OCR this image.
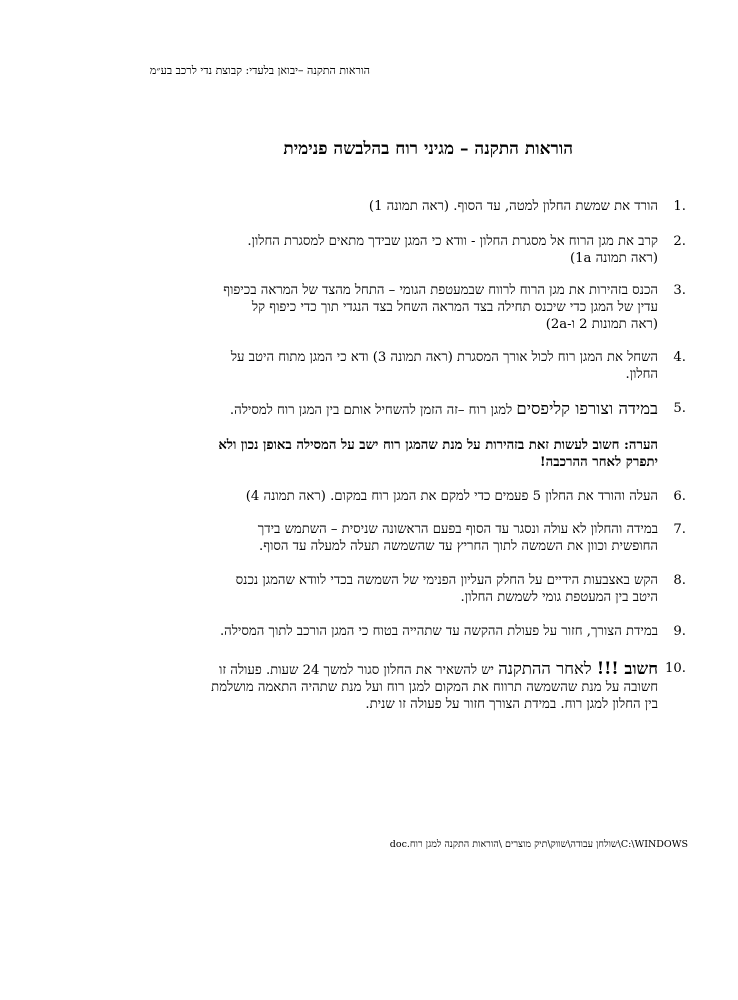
הוראות התקנה –יבואן בלעדי: קבוצת נדי לרכב בע״מ
הוראות התקנה – מגיני רוח בהלבשה פנימית
1.
הורד את שמשת החלון למטה, עד הסוף. (ראה תמונה 1)
2.
קרב את מגן הרוח אל מסגרת החלון - וודא כי המגן שבידך מתאים למסגרת החלון.
(ראה תמונה 1a)
3.
הכנס בזהירות את מגן הרוח לרווח שבמעטפת הגומי – התחל מהצד של המראה בכיפוף
עדין של המגן כדי שיכנס תחילה בצד המראה השחל בצד הנגדי תוך כדי כיפוף קל
(ראה תמונות 2 ו-2a)
4.
השחל את המגן רוח לכול אורך המסגרת (ראה תמונה 3) ודא כי המגן מתוח היטב על
החלון.
5.
במידה וצורפו קליפסים למגן רוח –זה הזמן להשחיל אותם בין המגן רוח למסילה.
הערה: חשוב לעשות זאת בזהירות על מנת שהמגן רוח ישב על המסילה באופן נכון ולא
יתפרק לאחר ההרכבה!
6.
העלה והורד את החלון 5 פעמים כדי למקם את המגן רוח במקום. (ראה תמונה 4)
7.
במידה והחלון לא עולה ונסגר עד הסוף בפעם הראשונה שניסית – השתמש בידך
החופשית וכוון את השמשה לתוך החריץ עד שהשמשה תעלה למעלה עד הסוף.
8.
הקש באצבעות הידיים על החלק העליון הפנימי של השמשה בכדי לוודא שהמגן נכנס
היטב בין המעטפת גומי לשמשת החלון.
9.
במידת הצורך, חזור על פעולת ההקשה עד שתהייה בטוח כי המגן הורכב לתוך המסילה.
10.
חשוב !!! לאחר ההתקנה יש להשאיר את החלון סגור למשך 24 שעות. פעולה זו
חשובה על מנת שהשמשה תרווח את המקום למגן רוח ועל מנת שתהיה התאמה מושלמת
בין החלון למגן רוח. במידת הצורך חזור על פעולה זו שנית.
C:\WINDOWS\שולחן עבודה\שווק\תיק מוצרים \הוראות התקנה למגן רוח.doc
